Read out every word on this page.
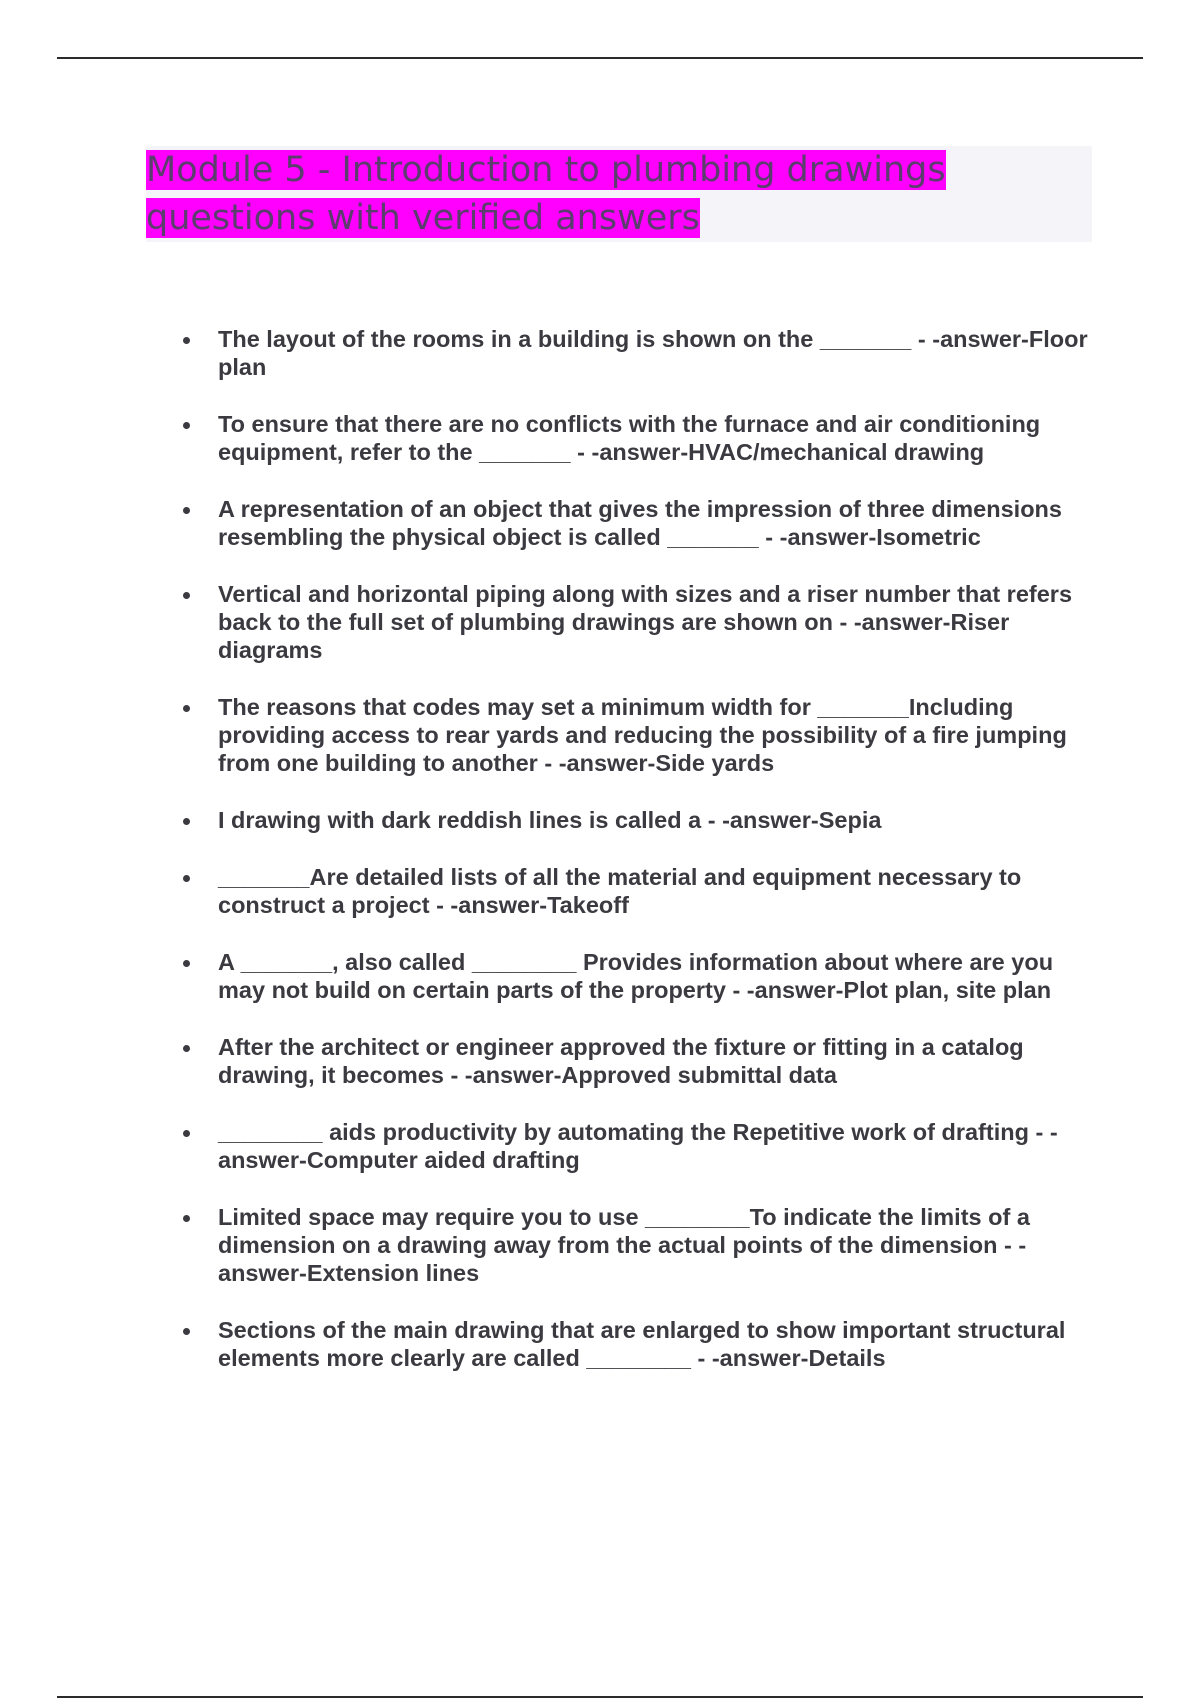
Module 5 - Introduction to plumbing drawings questions with verified answers
The layout of the rooms in a building is shown on the _______ - -answer-Floor plan
To ensure that there are no conflicts with the furnace and air conditioning equipment, refer to the _______ - -answer-HVAC/mechanical drawing
A representation of an object that gives the impression of three dimensions resembling the physical object is called _______ - -answer-Isometric
Vertical and horizontal piping along with sizes and a riser number that refers back to the full set of plumbing drawings are shown on - -answer-Riser diagrams
The reasons that codes may set a minimum width for _______Including providing access to rear yards and reducing the possibility of a fire jumping from one building to another - -answer-Side yards
I drawing with dark reddish lines is called a - -answer-Sepia
_______Are detailed lists of all the material and equipment necessary to construct a project - -answer-Takeoff
A _______, also called ________ Provides information about where are you may not build on certain parts of the property - -answer-Plot plan, site plan
After the architect or engineer approved the fixture or fitting in a catalog drawing, it becomes - -answer-Approved submittal data
________ aids productivity by automating the Repetitive work of drafting - -answer-Computer aided drafting
Limited space may require you to use ________To indicate the limits of a dimension on a drawing away from the actual points of the dimension - -answer-Extension lines
Sections of the main drawing that are enlarged to show important structural elements more clearly are called ________ - -answer-Details
